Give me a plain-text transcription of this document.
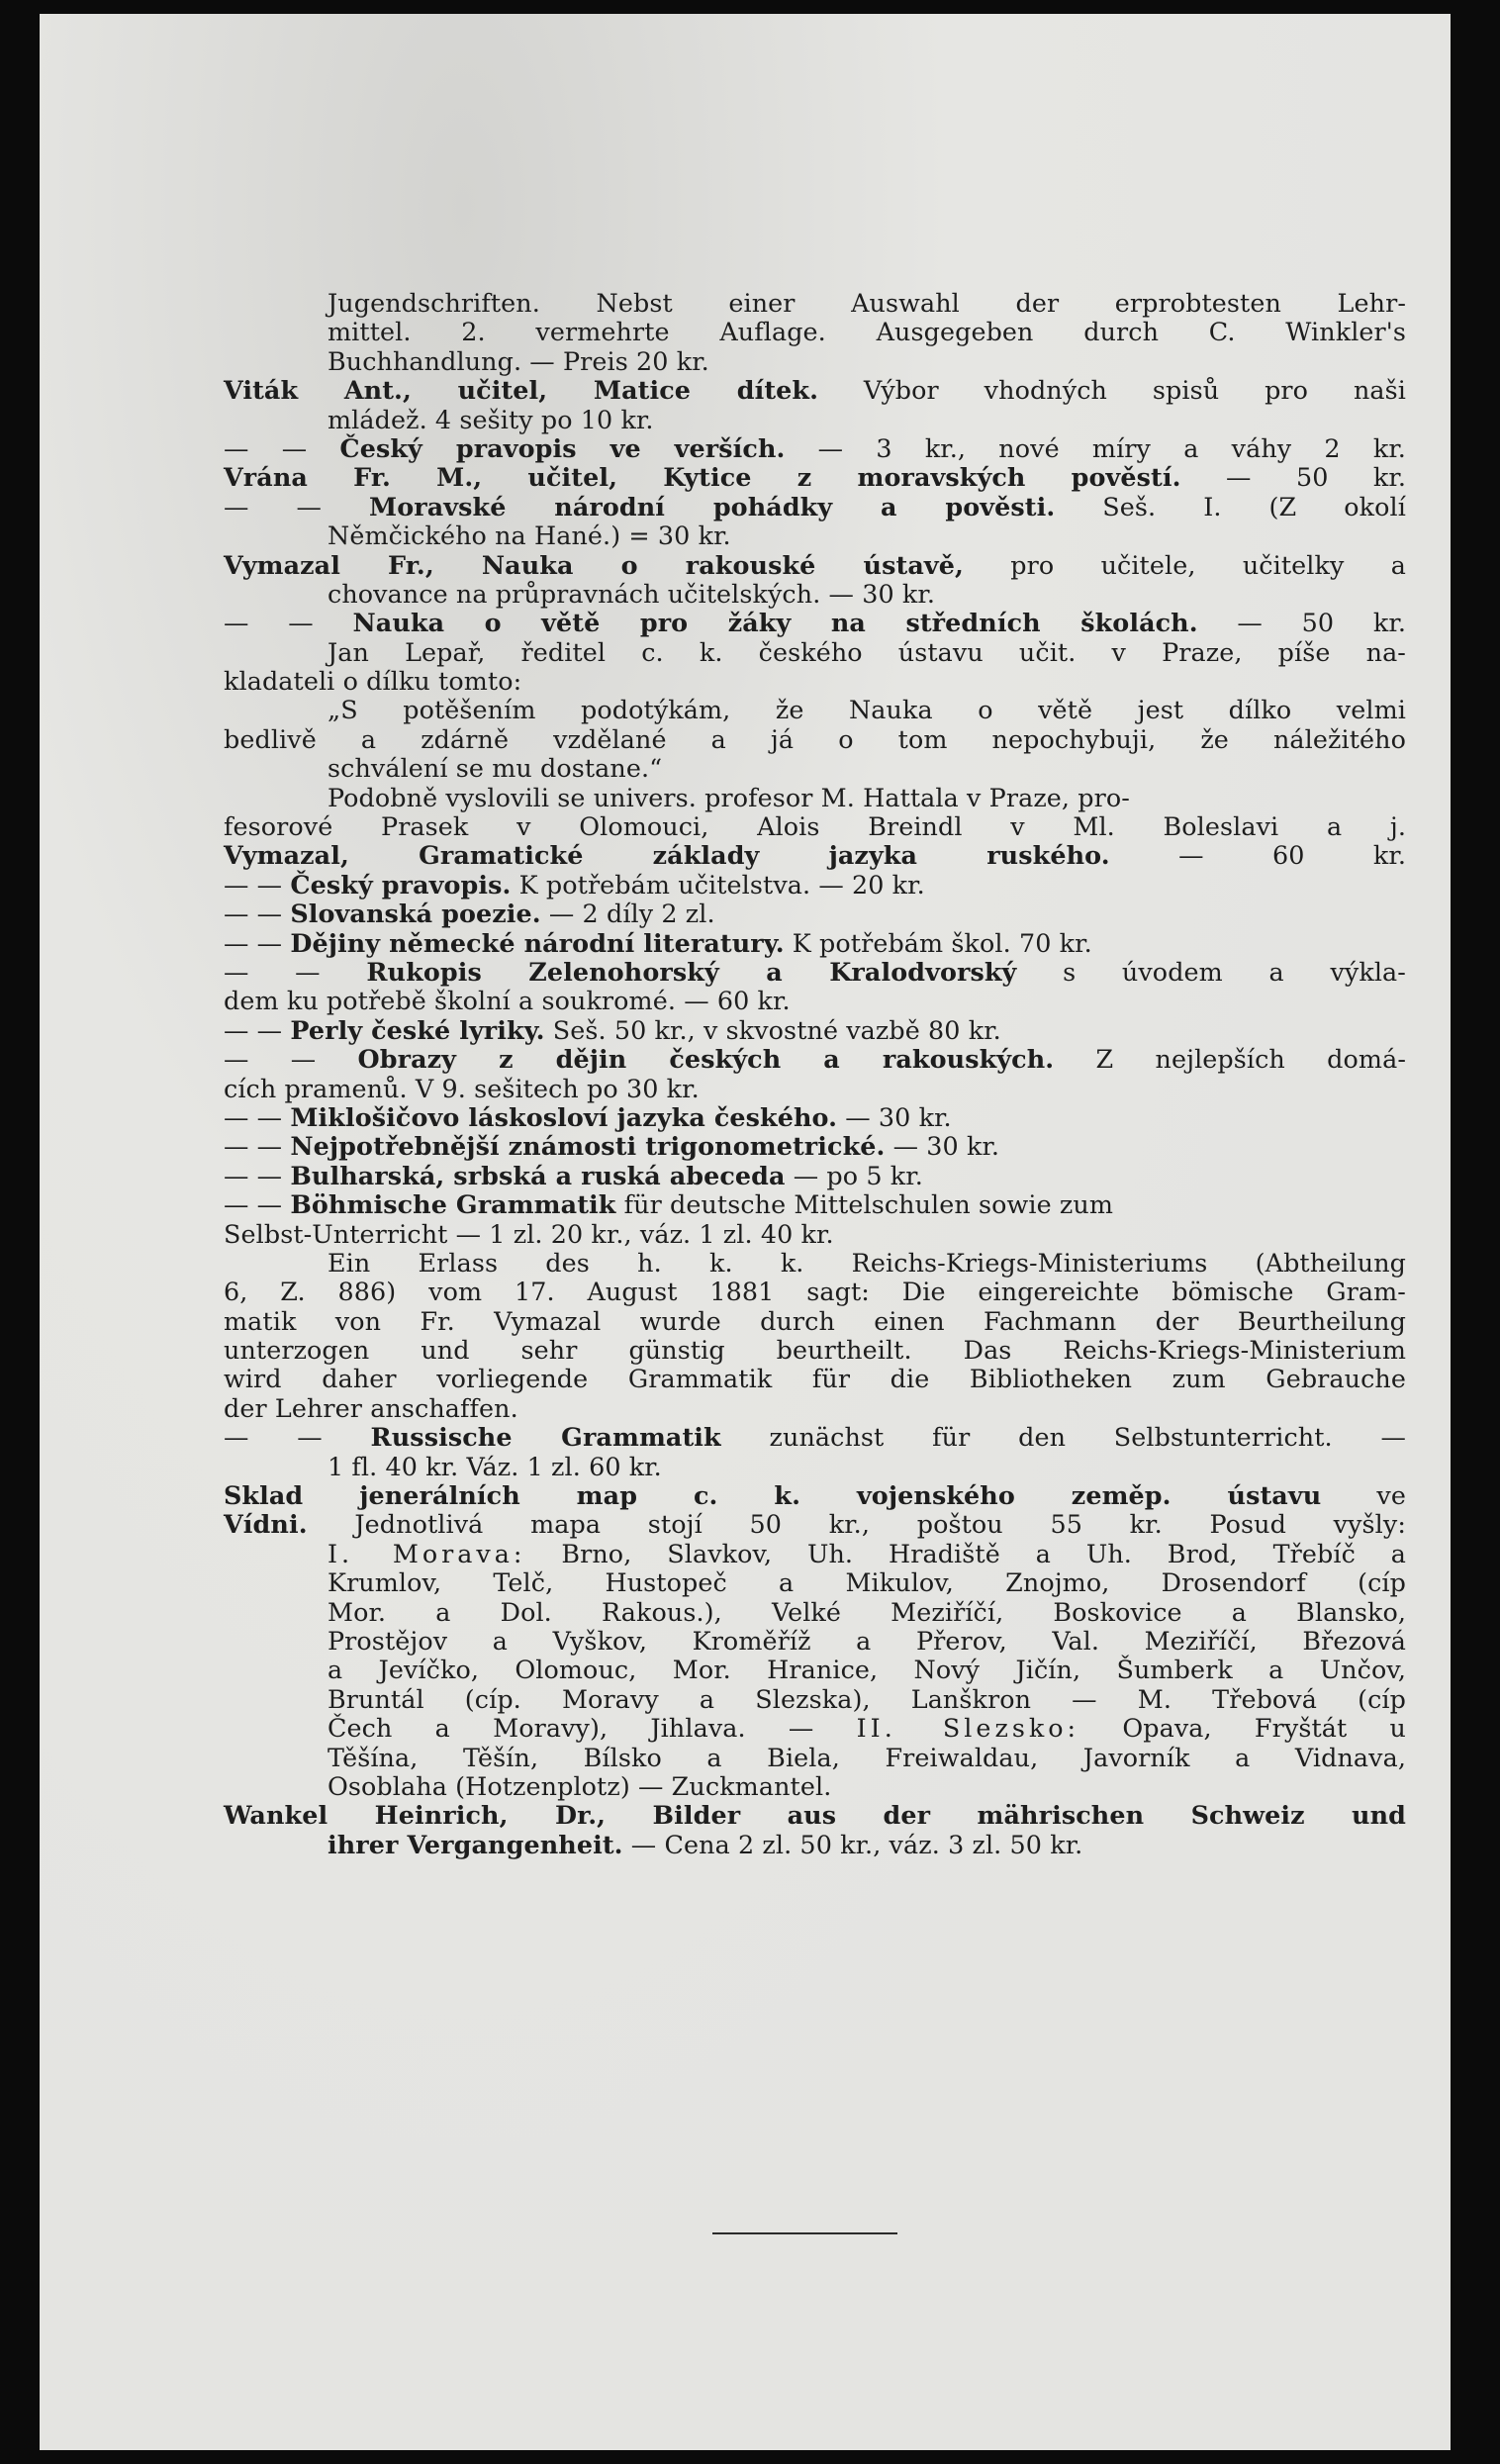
Jugendschriften. Nebst einer Auswahl der erprobtesten Lehr-
mittel. 2. vermehrte Auflage. Ausgegeben durch C. Winkler's
Buchhandlung. — Preis 20 kr.
Viták Ant., učitel, Matice dítek. Výbor vhodných spisů pro naši
mládež. 4 sešity po 10 kr.
— — Český pravopis ve verších. — 3 kr., nové míry a váhy 2 kr.
Vrána Fr. M., učitel, Kytice z moravských pověstí. — 50 kr.
— — Moravské národní pohádky a pověsti. Seš. I. (Z okolí
Němčického na Hané.) = 30 kr.
Vymazal Fr., Nauka o rakouské ústavě, pro učitele, učitelky a
chovance na průpravnách učitelských. — 30 kr.
— — Nauka o větě pro žáky na středních školách. — 50 kr.
Jan Lepař, ředitel c. k. českého ústavu učit. v Praze, píše na-
kladateli o dílku tomto:
„S potěšením podotýkám, že Nauka o větě jest dílko velmi
bedlivě a zdárně vzdělané a já o tom nepochybuji, že náležitého
schválení se mu dostane.“
Podobně vyslovili se univers. profesor M. Hattala v Praze, pro-
fesorové Prasek v Olomouci, Alois Breindl v Ml. Boleslavi a j.
Vymazal, Gramatické základy jazyka ruského. — 60 kr.
— — Český pravopis. K potřebám učitelstva. — 20 kr.
— — Slovanská poezie. — 2 díly 2 zl.
— — Dějiny německé národní literatury. K potřebám škol. 70 kr.
— — Rukopis Zelenohorský a Kralodvorský s úvodem a výkla-
dem ku potřebě školní a soukromé. — 60 kr.
— — Perly české lyriky. Seš. 50 kr., v skvostné vazbě 80 kr.
— — Obrazy z dějin českých a rakouských. Z nejlepších domá-
cích pramenů. V 9. sešitech po 30 kr.
— — Miklošičovo láskosloví jazyka českého. — 30 kr.
— — Nejpotřebnější známosti trigonometrické. — 30 kr.
— — Bulharská, srbská a ruská abeceda — po 5 kr.
— — Böhmische Grammatik für deutsche Mittelschulen sowie zum
Selbst-Unterricht — 1 zl. 20 kr., váz. 1 zl. 40 kr.
Ein Erlass des h. k. k. Reichs-Kriegs-Ministeriums (Abtheilung
6, Z. 886) vom 17. August 1881 sagt: Die eingereichte bömische Gram-
matik von Fr. Vymazal wurde durch einen Fachmann der Beurtheilung
unterzogen und sehr günstig beurtheilt. Das Reichs-Kriegs-Ministerium
wird daher vorliegende Grammatik für die Bibliotheken zum Gebrauche
der Lehrer anschaffen.
— — Russische Grammatik zunächst für den Selbstunterricht. —
1 fl. 40 kr. Váz. 1 zl. 60 kr.
Sklad jenerálních map c. k. vojenského zeměp. ústavu ve
Vídni. Jednotlivá mapa stojí 50 kr., poštou 55 kr. Posud vyšly:
I. Morava: Brno, Slavkov, Uh. Hradiště a Uh. Brod, Třebíč a
Krumlov, Telč, Hustopeč a Mikulov, Znojmo, Drosendorf (cíp
Mor. a Dol. Rakous.), Velké Meziříčí, Boskovice a Blansko,
Prostějov a Vyškov, Kroměříž a Přerov, Val. Meziříčí, Březová
a Jevíčko, Olomouc, Mor. Hranice, Nový Jičín, Šumberk a Unčov,
Bruntál (cíp. Moravy a Slezska), Lanškron — M. Třebová (cíp
Čech a Moravy), Jihlava. — II. Slezsko: Opava, Fryštát u
Těšína, Těšín, Bílsko a Biela, Freiwaldau, Javorník a Vidnava,
Osoblaha (Hotzenplotz) — Zuckmantel.
Wankel Heinrich, Dr., Bilder aus der mährischen Schweiz und
ihrer Vergangenheit. — Cena 2 zl. 50 kr., váz. 3 zl. 50 kr.
